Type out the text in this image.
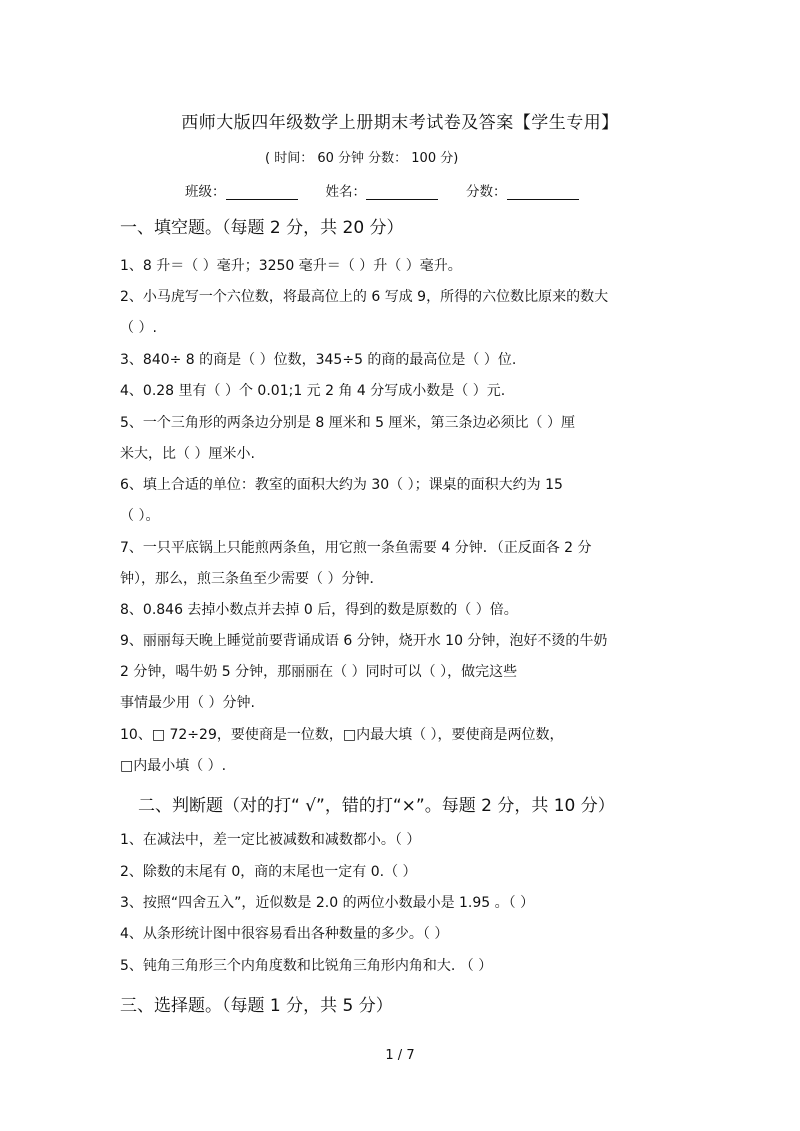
西师大版四年级数学上册期末考试卷及答案【学生专用】
( 时间： 60 分钟 分数： 100 分)
班级：	姓名：	分数：
一、填空题。（每题 2 分，共 20 分）
1、8 升＝（ ）毫升；3250 毫升＝（ ）升（ ）毫升。
2、小马虎写一个六位数，将最高位上的 6 写成 9，所得的六位数比原来的数大
（ ）.
3、840÷ 8 的商是（ ）位数，345÷5 的商的最高位是（ ）位.
4、0.28 里有（ ）个 0.01;1 元 2 角 4 分写成小数是（ ）元.
5、一个三角形的两条边分别是 8 厘米和 5 厘米，第三条边必须比（ ）厘
米大，比（ ）厘米小.
6、填上合适的单位：教室的面积大约为 30（ ）；课桌的面积大约为 15
（ ）。
7、一只平底锅上只能煎两条鱼，用它煎一条鱼需要 4 分钟．（正反面各 2 分
钟），那么，煎三条鱼至少需要（ ）分钟．
8、0.846 去掉小数点并去掉 0 后，得到的数是原数的（ ）倍。
9、丽丽每天晚上睡觉前要背诵成语 6 分钟，烧开水 10 分钟，泡好不烫的牛奶
2 分钟，喝牛奶 5 分钟，那丽丽在（ ）同时可以（ ），做完这些
事情最少用（ ）分钟.
10、□ 72÷29，要使商是一位数，□内最大填（ ），要使商是两位数，
□内最小填（ ）.
二、判断题（对的打“ √”，错的打“×”。每题 2 分，共 10 分）
1、在减法中，差一定比被减数和减数都小。（ ）
2、除数的末尾有 0，商的末尾也一定有 0.（ ）
3、按照“四舍五入”，近似数是 2.0 的两位小数最小是 1.95 。（ ）
4、从条形统计图中很容易看出各种数量的多少。（ ）
5、钝角三角形三个内角度数和比锐角三角形内角和大. （ ）
三、选择题。（每题 1 分，共 5 分）
1 / 7
